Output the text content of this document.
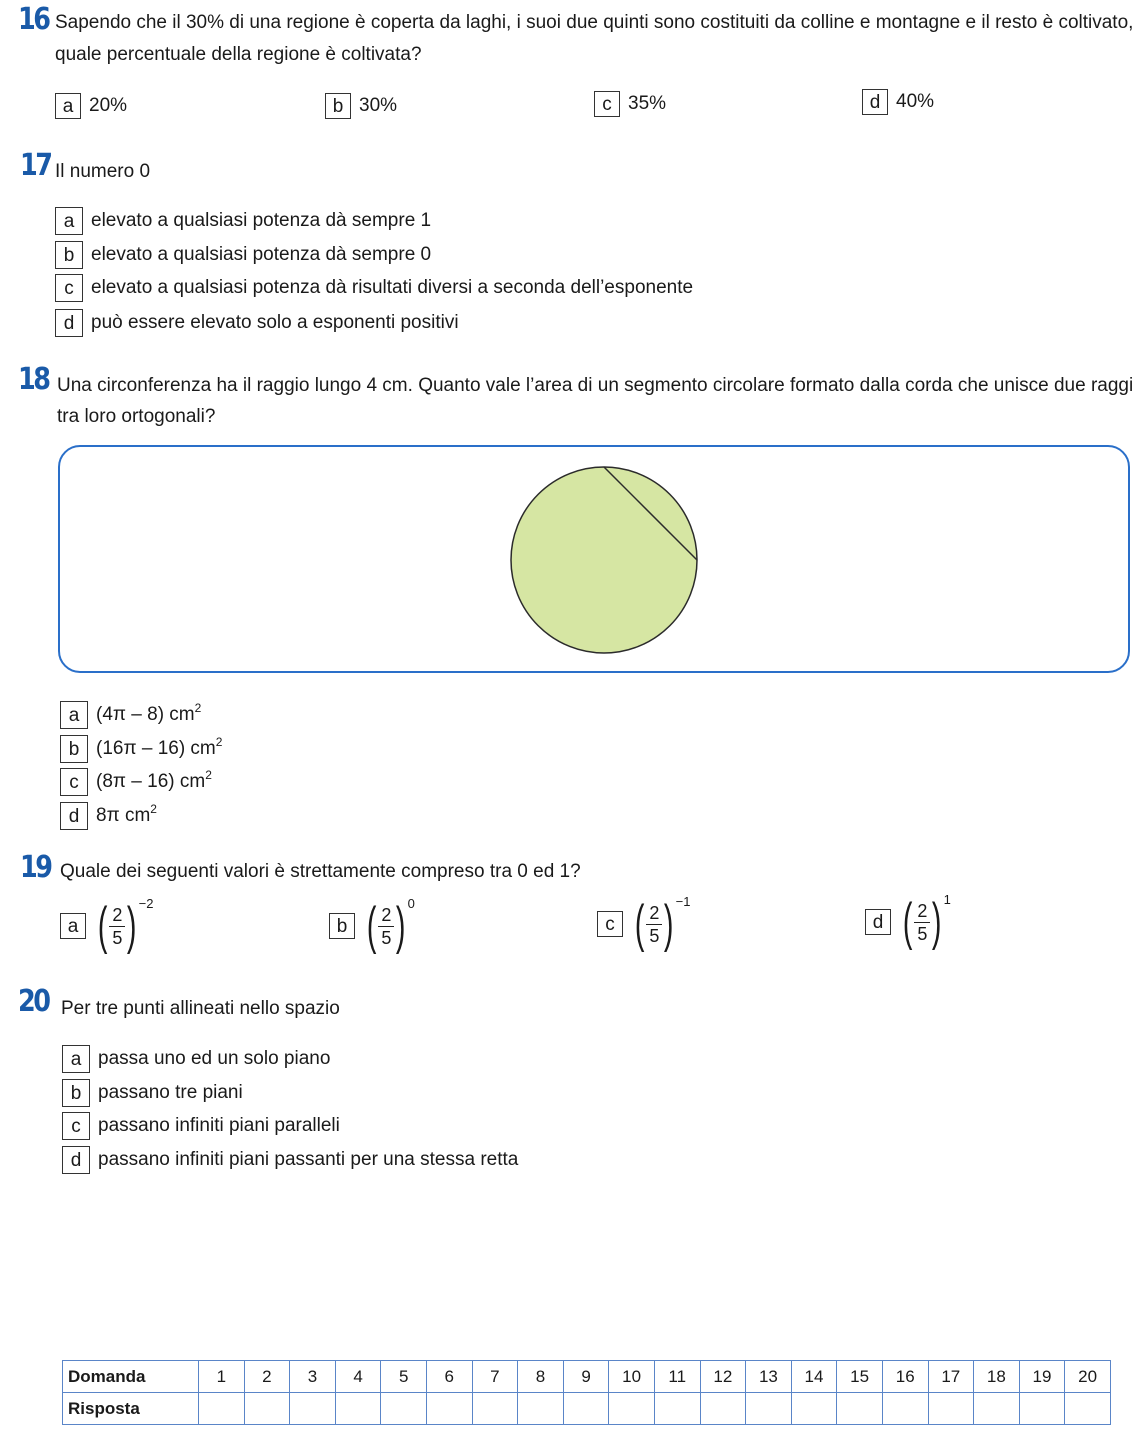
16 Sapendo che il 30% di una regione è coperta da laghi, i suoi due quinti sono costituiti da colline e montagne e il resto è coltivato,
quale percentuale della regione è coltivata?
a 20%	b 30%	c 35%	d 40%
17 Il numero 0
a elevato a qualsiasi potenza dà sempre 1
b elevato a qualsiasi potenza dà sempre 0
c elevato a qualsiasi potenza dà risultati diversi a seconda dell’esponente
d può essere elevato solo a esponenti positivi
18 Una circonferenza ha il raggio lungo 4 cm. Quanto vale l’area di un segmento circolare formato dalla corda che unisce due raggi
tra loro ortogonali?
a (4π – 8) $cm^2$
b (16π – 16) $cm^2$
c (8π – 16) $cm^2$
d 8π $cm^2$
19 Quale dei seguenti valori è strettamente compreso tra 0 ed 1?
a ( $\frac{2}{5}$ ) −2
b ( $\frac{2}{5}$ ) 0
c ( $\frac{2}{5}$ ) −1
d ( $\frac{2}{5}$ ) 1
20 Per tre punti allineati nello spazio
a passa uno ed un solo piano
b passano tre piani
c passano infiniti piani paralleli
d passano infiniti piani passanti per una stessa retta
Domanda	1	2	3	4	5	6	7	8	9	10	11	12	13	14	15	16	17	18	19	20
Risposta																				
